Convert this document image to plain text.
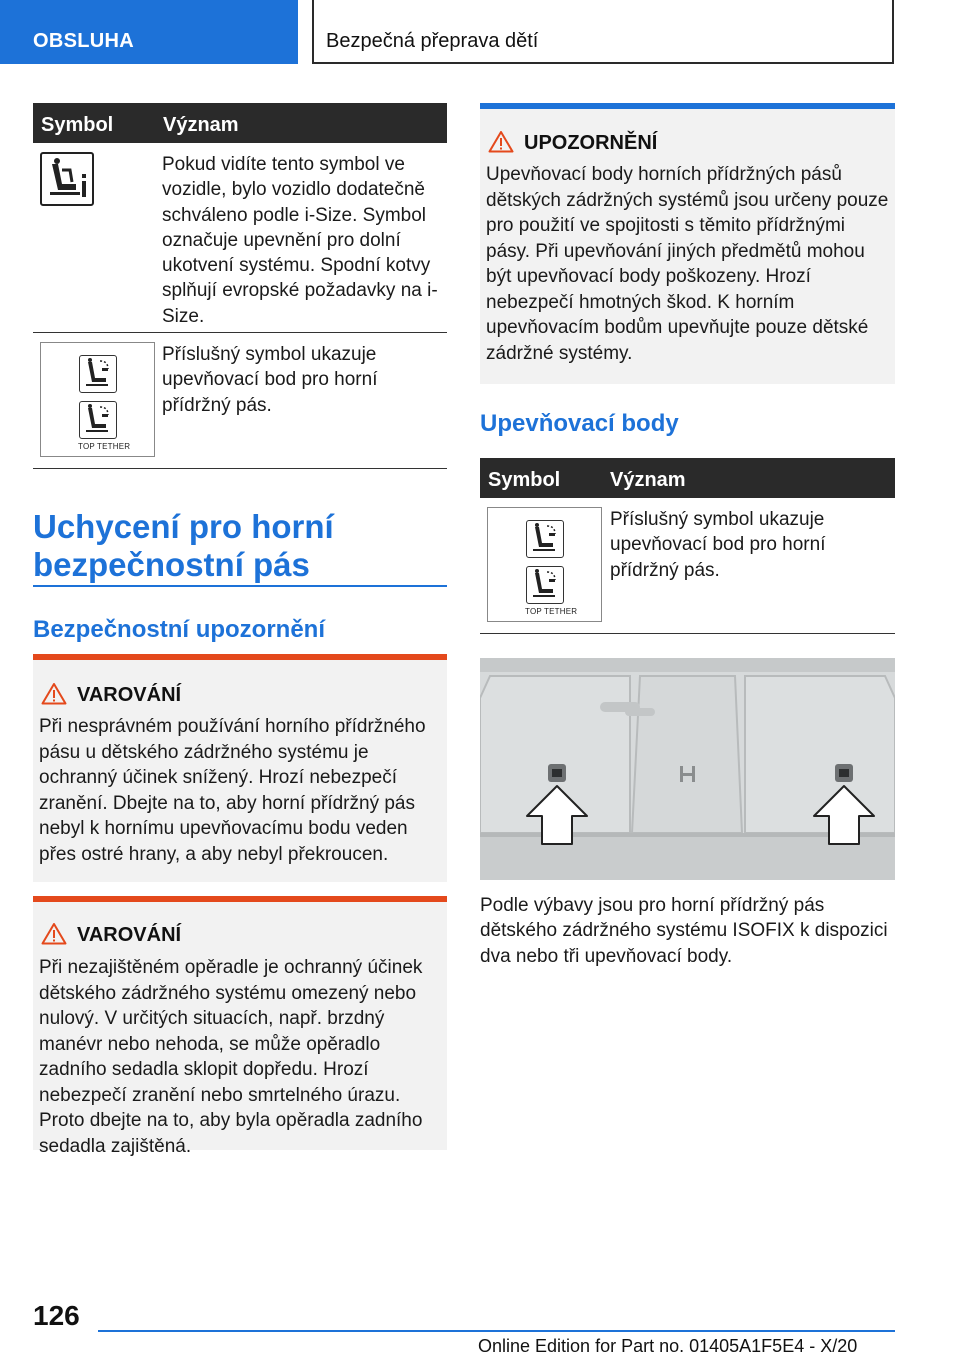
OBSLUHA	Bezpečná přeprava dětí
Symbol Význam
Pokud vidíte tento symbol ve vozidle, bylo vozidlo dodatečně schváleno podle i-Size. Symbol označuje upevnění pro dolní ukotvení systému. Spodní kotvy splňují evropské požadavky na i-Size.
TOP TETHER
Příslušný symbol ukazuje upevňovací bod pro horní přídržný pás.
Uchycení pro horní bezpečnostní pás
Bezpečnostní upozornění
VAROVÁNÍ
Při nesprávném používání horního přídržného pásu u dětského zádržného systému je ochranný účinek snížený. Hrozí nebezpečí zranění. Dbejte na to, aby horní přídržný pás nebyl k hornímu upevňovacímu bodu veden přes ostré hrany, a aby nebyl překroucen.
VAROVÁNÍ
Při nezajištěném opěradle je ochranný účinek dětského zádržného systému omezený nebo nulový. V určitých situacích, např. brzdný manévr nebo nehoda, se může opěradlo zadního sedadla sklopit dopředu. Hrozí nebezpečí zranění nebo smrtelného úrazu. Proto dbejte na to, aby byla opěradla zadního sedadla zajištěná.
UPOZORNĚNÍ
Upevňovací body horních přídržných pásů dětských zádržných systémů jsou určeny pouze pro použití ve spojitosti s těmito přídržnými pásy. Při upevňování jiných předmětů mohou být upevňovací body poškozeny. Hrozí nebezpečí hmotných škod. K horním upevňovacím bodům upevňujte pouze dětské zádržné systémy.
Upevňovací body
Symbol Význam
TOP TETHER
Příslušný symbol ukazuje upevňovací bod pro horní přídržný pás.
Podle výbavy jsou pro horní přídržný pás dětského zádržného systému ISOFIX k dispozici dva nebo tři upevňovací body.
126
Online Edition for Part no. 01405A1F5E4 - X/20
